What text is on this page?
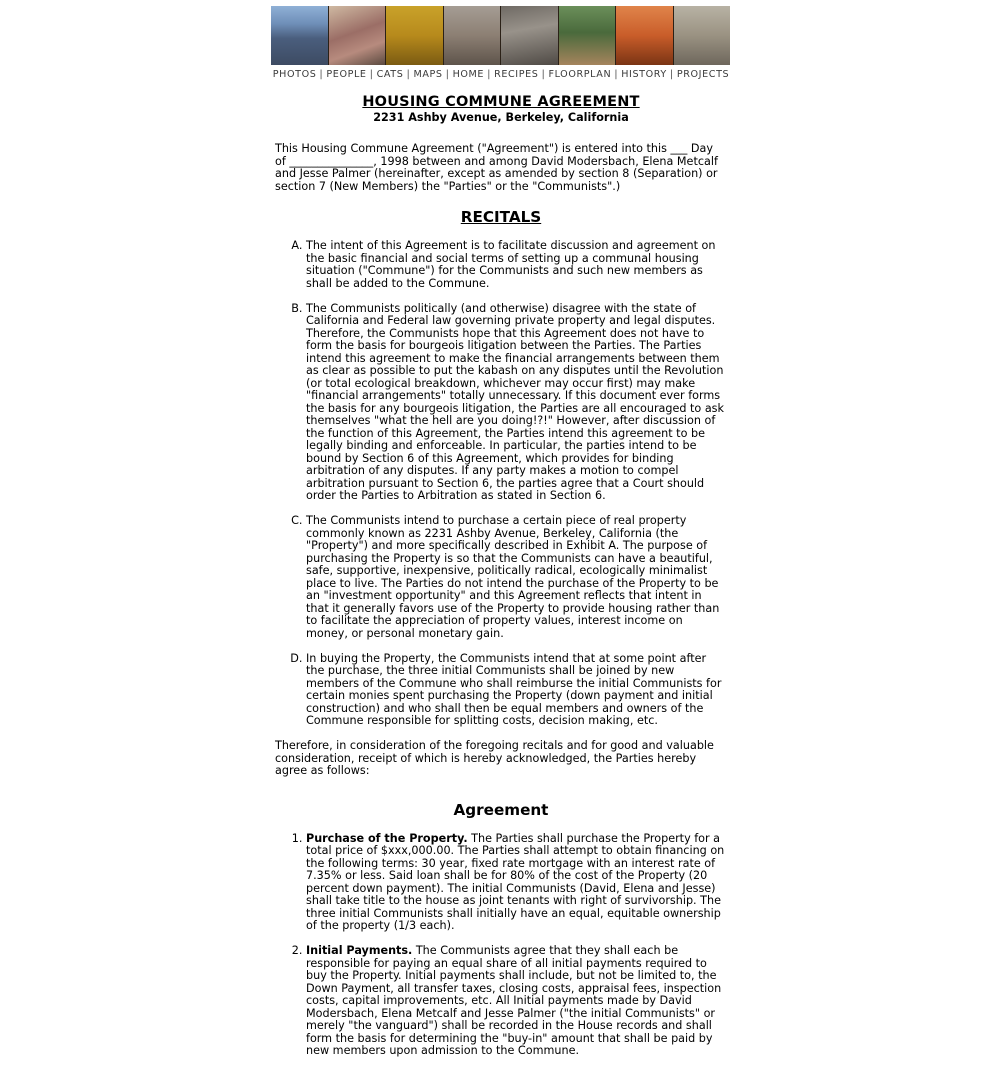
PHOTOS | PEOPLE | CATS | MAPS | HOME | RECIPES | FLOORPLAN | HISTORY | PROJECTS
HOUSING COMMUNE AGREEMENT
2231 Ashby Avenue, Berkeley, California

This Housing Commune Agreement ("Agreement") is entered into this ___ Day of _______________, 1998 between and among David Modersbach, Elena Metcalf and Jesse Palmer (hereinafter, except as amended by section 8 (Separation) or section 7 (New Members) the "Parties" or the "Communists".)

RECITALS
A. The intent of this Agreement is to facilitate discussion and agreement on the basic financial and social terms of setting up a communal housing situation ("Commune") for the Communists and such new members as shall be added to the Commune.
B. The Communists politically (and otherwise) disagree with the state of California and Federal law governing private property and legal disputes. Therefore, the Communists hope that this Agreement does not have to form the basis for bourgeois litigation between the Parties. The Parties intend this agreement to make the financial arrangements between them as clear as possible to put the kabash on any disputes until the Revolution (or total ecological breakdown, whichever may occur first) may make "financial arrangements" totally unnecessary. If this document ever forms the basis for any bourgeois litigation, the Parties are all encouraged to ask themselves "what the hell are you doing!?!" However, after discussion of the function of this Agreement, the Parties intend this agreement to be legally binding and enforceable. In particular, the parties intend to be bound by Section 6 of this Agreement, which provides for binding arbitration of any disputes. If any party makes a motion to compel arbitration pursuant to Section 6, the parties agree that a Court should order the Parties to Arbitration as stated in Section 6.
C. The Communists intend to purchase a certain piece of real property commonly known as 2231 Ashby Avenue, Berkeley, California (the "Property") and more specifically described in Exhibit A. The purpose of purchasing the Property is so that the Communists can have a beautiful, safe, supportive, inexpensive, politically radical, ecologically minimalist place to live. The Parties do not intend the purchase of the Property to be an "investment opportunity" and this Agreement reflects that intent in that it generally favors use of the Property to provide housing rather than to facilitate the appreciation of property values, interest income on money, or personal monetary gain.
D. In buying the Property, the Communists intend that at some point after the purchase, the three initial Communists shall be joined by new members of the Commune who shall reimburse the initial Communists for certain monies spent purchasing the Property (down payment and initial construction) and who shall then be equal members and owners of the Commune responsible for splitting costs, decision making, etc.

Therefore, in consideration of the foregoing recitals and for good and valuable consideration, receipt of which is hereby acknowledged, the Parties hereby agree as follows:

Agreement
1. Purchase of the Property. The Parties shall purchase the Property for a total price of $xxx,000.00. The Parties shall attempt to obtain financing on the following terms: 30 year, fixed rate mortgage with an interest rate of 7.35% or less. Said loan shall be for 80% of the cost of the Property (20 percent down payment). The initial Communists (David, Elena and Jesse) shall take title to the house as joint tenants with right of survivorship. The three initial Communists shall initially have an equal, equitable ownership of the property (1/3 each).
2. Initial Payments. The Communists agree that they shall each be responsible for paying an equal share of all initial payments required to buy the Property. Initial payments shall include, but not be limited to, the Down Payment, all transfer taxes, closing costs, appraisal fees, inspection costs, capital improvements, etc. All Initial payments made by David Modersbach, Elena Metcalf and Jesse Palmer ("the initial Communists" or merely "the vanguard") shall be recorded in the House records and shall form the basis for determining the "buy-in" amount that shall be paid by new members upon admission to the Commune.
